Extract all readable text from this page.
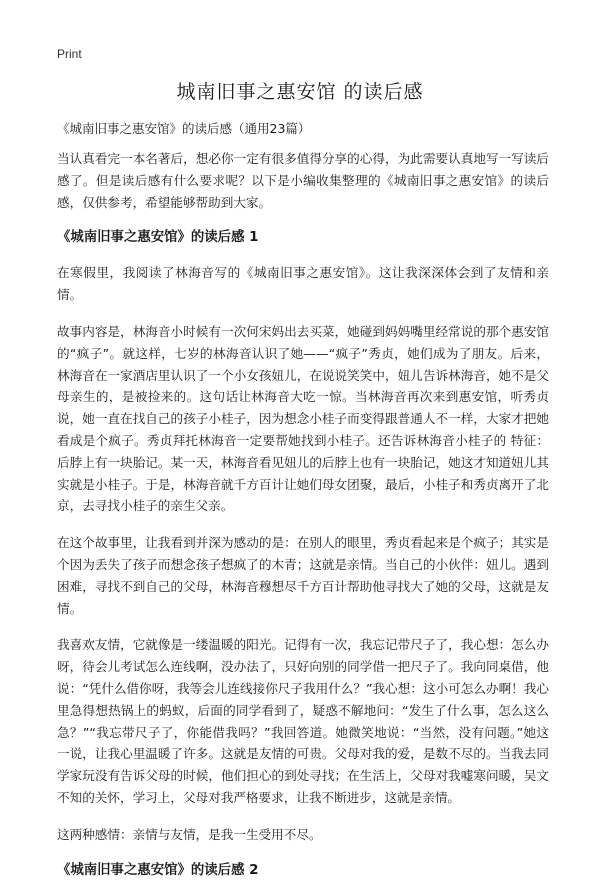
Print
城南旧事之惠安馆 的读后感

《城南旧事之惠安馆》的读后感（通用23篇）

当认真看完一本名著后，想必你一定有很多值得分享的心得，为此需要认真地写一写读后感了。但是读后感有什么要求呢？以下是小编收集整理的《城南旧事之惠安馆》的读后感，仅供参考，希望能够帮助到大家。

《城南旧事之惠安馆》的读后感 1

在寒假里，我阅读了林海音写的《城南旧事之惠安馆》。这让我深深体会到了友情和亲情。

故事内容是，林海音小时候有一次何宋妈出去买菜，她碰到妈妈嘴里经常说的那个惠安馆的“疯子”。就这样，七岁的林海音认识了她——“疯子”秀贞，她们成为了朋友。后来，林海音在一家酒店里认识了一个小女孩妞儿，在说说笑笑中，妞儿告诉林海音，她不是父母亲生的，是被捡来的。这句话让林海音大吃一惊。当林海音再次来到惠安馆，听秀贞说，她一直在找自己的孩子小桂子，因为想念小桂子而变得跟普通人不一样，大家才把她看成是个疯子。秀贞拜托林海音一定要帮她找到小桂子。还告诉林海音小桂子的 特征：后脖上有一块胎记。某一天，林海音看见妞儿的后脖上也有一块胎记，她这才知道妞儿其实就是小桂子。于是，林海音就千方百计让她们母女团聚，最后，小桂子和秀贞离开了北京，去寻找小桂子的亲生父亲。

在这个故事里，让我看到并深为感动的是：在别人的眼里，秀贞看起来是个疯子；其实是个因为丢失了孩子而想念孩子想疯了的木青；这就是亲情。当自己的小伙伴：妞儿。遇到困难，寻找不到自己的父母，林海音穆想尽千方百计帮助他寻找大了她的父母，这就是友情。

我喜欢友情，它就像是一缕温暖的阳光。记得有一次，我忘记带尺子了，我心想：怎么办呀，待会儿考试怎么连线啊，没办法了，只好向别的同学借一把尺子了。我向同桌借，他说：“凭什么借你呀，我等会儿连线接你尺子我用什么？”我心想：这小可怎么办啊！我心里急得想热锅上的蚂蚁，后面的同学看到了，疑惑不解地问：“发生了什么事，怎么这么急？”“我忘带尺子了，你能借我吗？”我回答道。她微笑地说：“当然，没有问题。”她这一说，让我心里温暖了许多。这就是友情的可贵。父母对我的爱，是数不尽的。当我去同学家玩没有告诉父母的时候，他们担心的到处寻找；在生活上，父母对我嘘寒问暖，吴文不知的关怀，学习上，父母对我严格要求，让我不断进步，这就是亲情。

这两种感情：亲情与友情，是我一生受用不尽。

《城南旧事之惠安馆》的读后感 2
